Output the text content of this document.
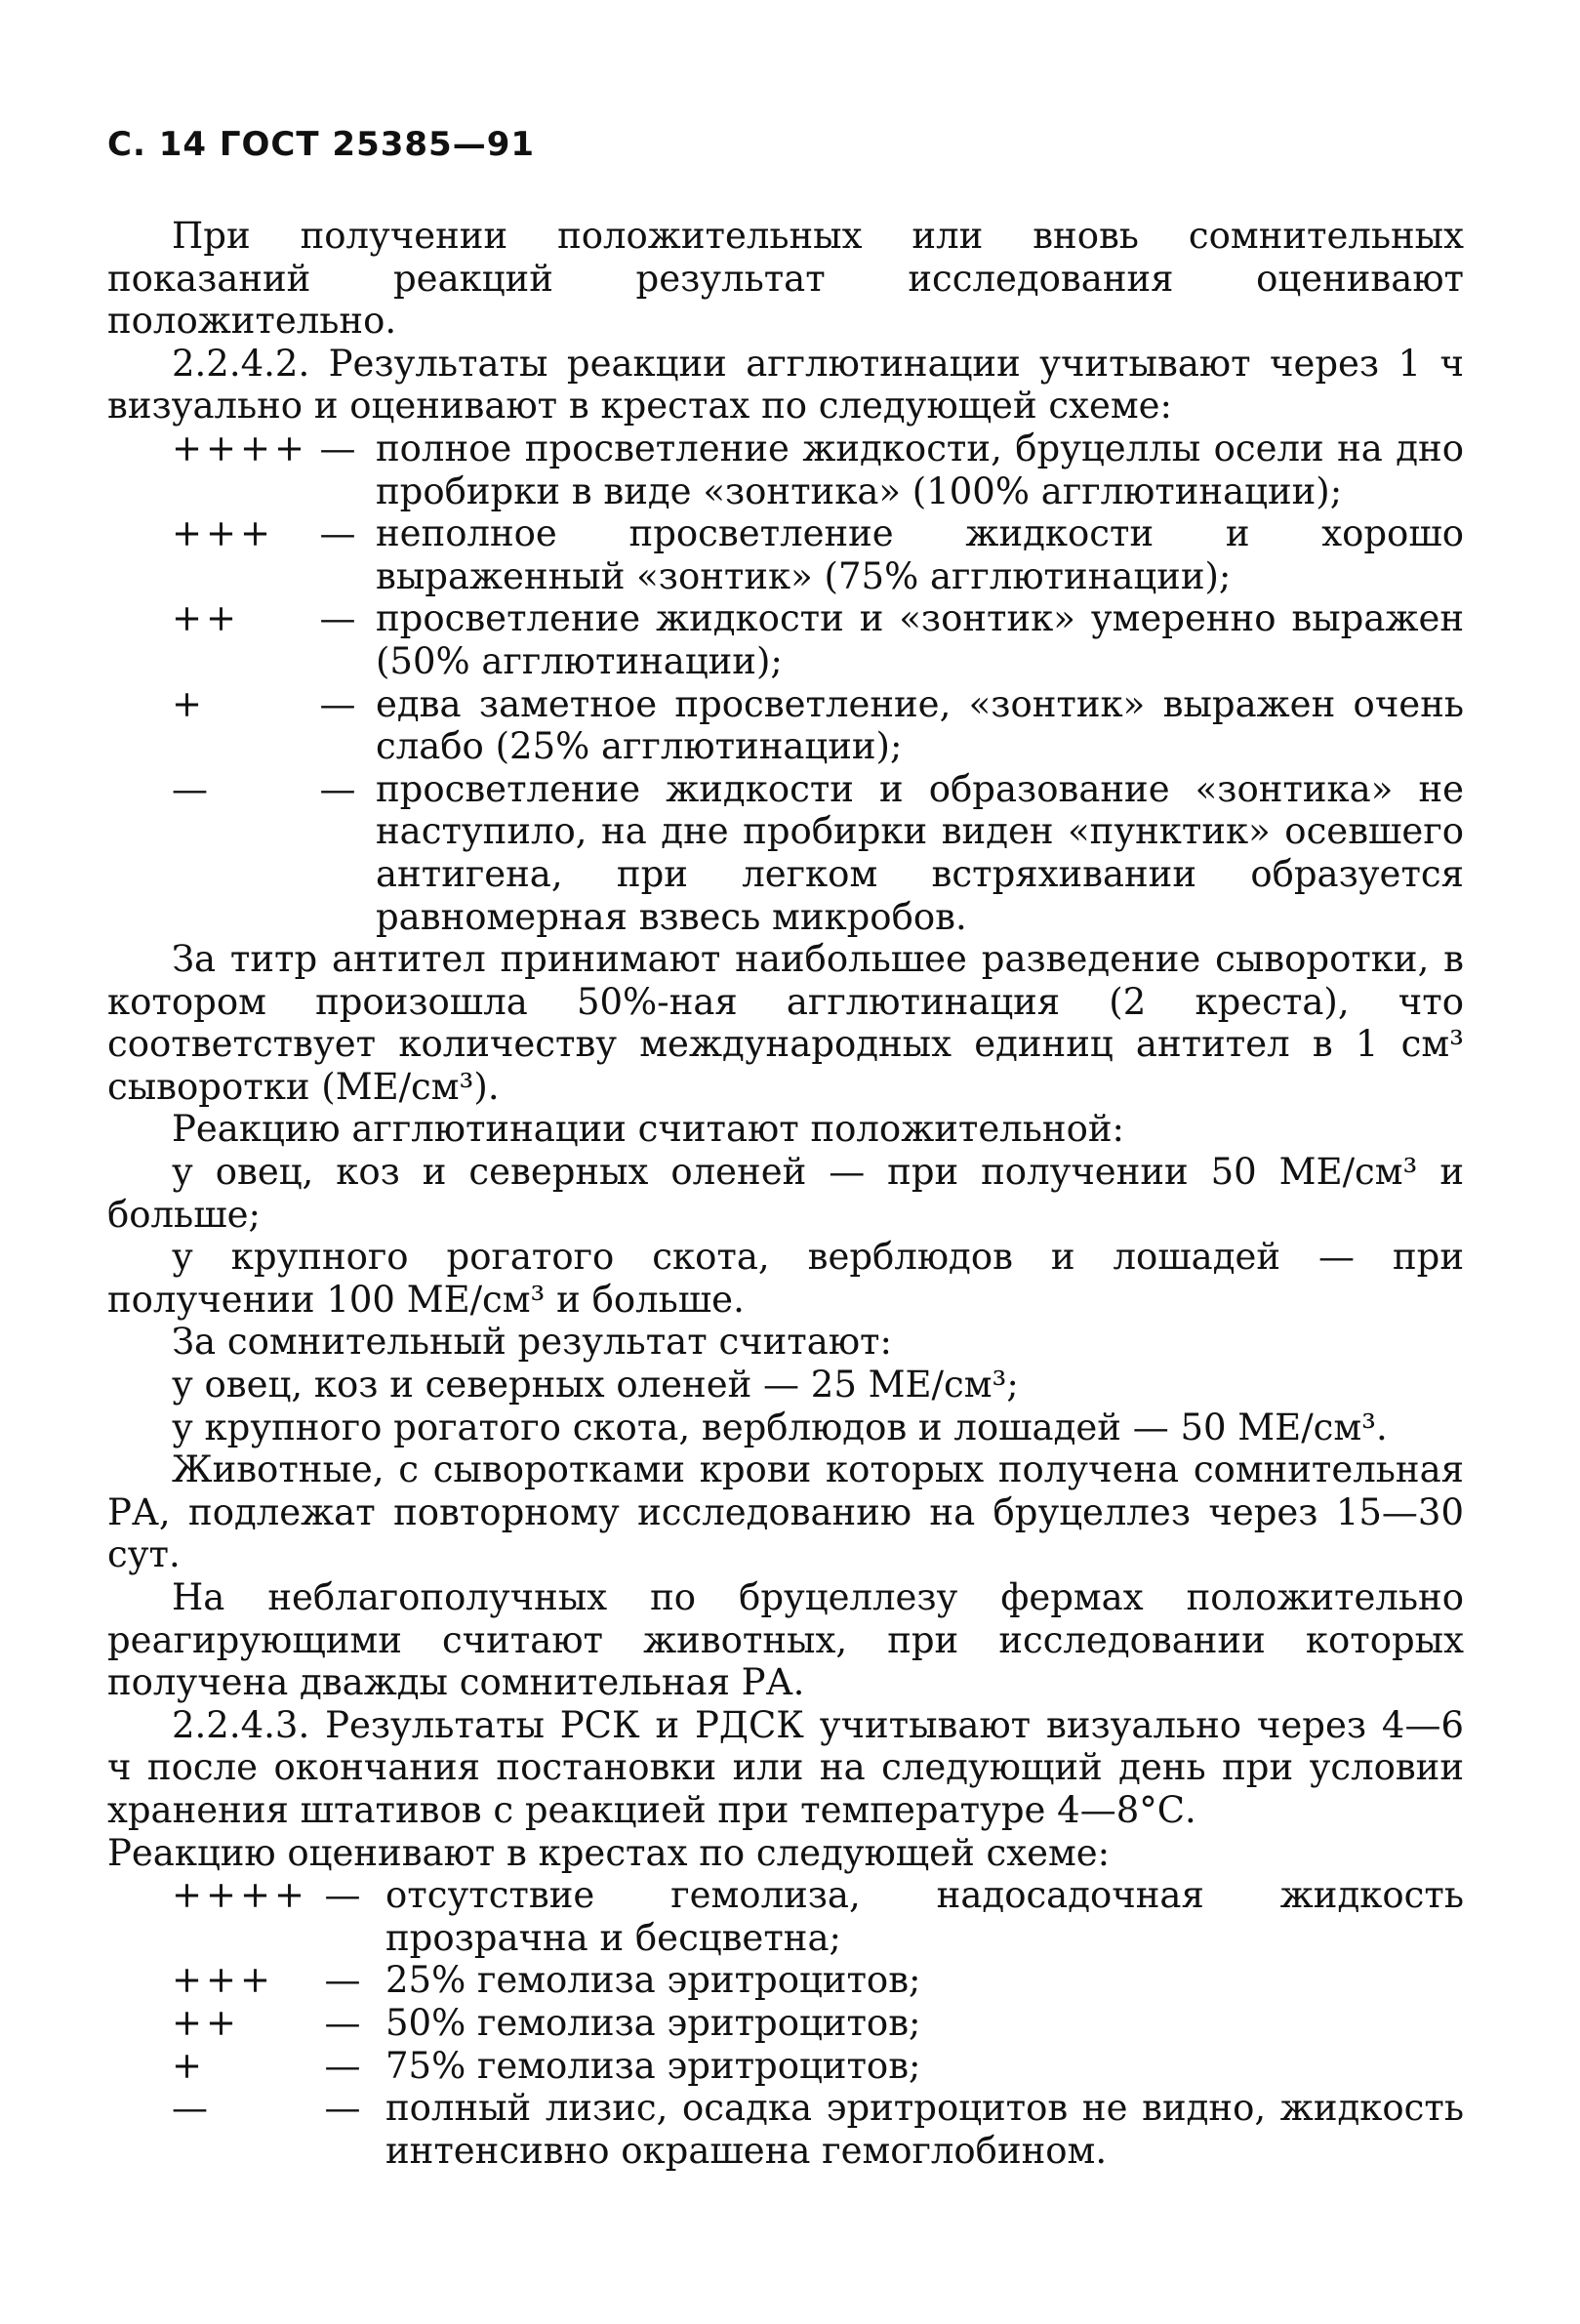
С. 14 ГОСТ 25385—91

При получении положительных или вновь сомнительных показаний реакций результат исследования оценивают положительно.

2.2.4.2. Результаты реакции агглютинации учитывают через 1 ч визуально и оценивают в крестах по следующей схеме:

++++ — полное просветление жидкости, бруцеллы осели на дно пробирки в виде «зонтика» (100% агглютинации);
+++	— неполное просветление жидкости и хорошо выраженный «зонтик» (75% агглютинации);
++	— просветление жидкости и «зонтик» умеренно выражен (50% агглютинации);
+	— едва заметное просветление, «зонтик» выражен очень слабо (25% агглютинации);
—	— просветление жидкости и образование «зонтика» не наступило, на дне пробирки виден «пунктик» осевшего антигена, при легком встряхивании образуется равномерная взвесь микробов.

За титр антител принимают наибольшее разведение сыворотки, в котором произошла 50%-ная агглютинация (2 креста), что соответствует количеству международных единиц антител в 1 см³ сыворотки (МЕ/см³).

Реакцию агглютинации считают положительной:

у овец, коз и северных оленей — при получении 50 МЕ/см³ и больше;

у крупного рогатого скота, верблюдов и лошадей — при получении 100 МЕ/см³ и больше.

За сомнительный результат считают:

у овец, коз и северных оленей — 25 МЕ/см³;

у крупного рогатого скота, верблюдов и лошадей — 50 МЕ/см³.

Животные, с сыворотками крови которых получена сомнительная РА, подлежат повторному исследованию на бруцеллез через 15—30 сут.

На неблагополучных по бруцеллезу фермах положительно реагирующими считают животных, при исследовании которых получена дважды сомнительная РА.

2.2.4.3. Результаты РСК и РДСК учитывают визуально через 4—6 ч после окончания постановки или на следующий день при условии хранения штативов с реакцией при температуре 4—8°С.

Реакцию оценивают в крестах по следующей схеме:

++++ — отсутствие гемолиза, надосадочная жидкость прозрачна и бесцветна;
+++	— 25% гемолиза эритроцитов;
++	— 50% гемолиза эритроцитов;
+	— 75% гемолиза эритроцитов;
—	— полный лизис, осадка эритроцитов не видно, жидкость интенсивно окрашена гемоглобином.
